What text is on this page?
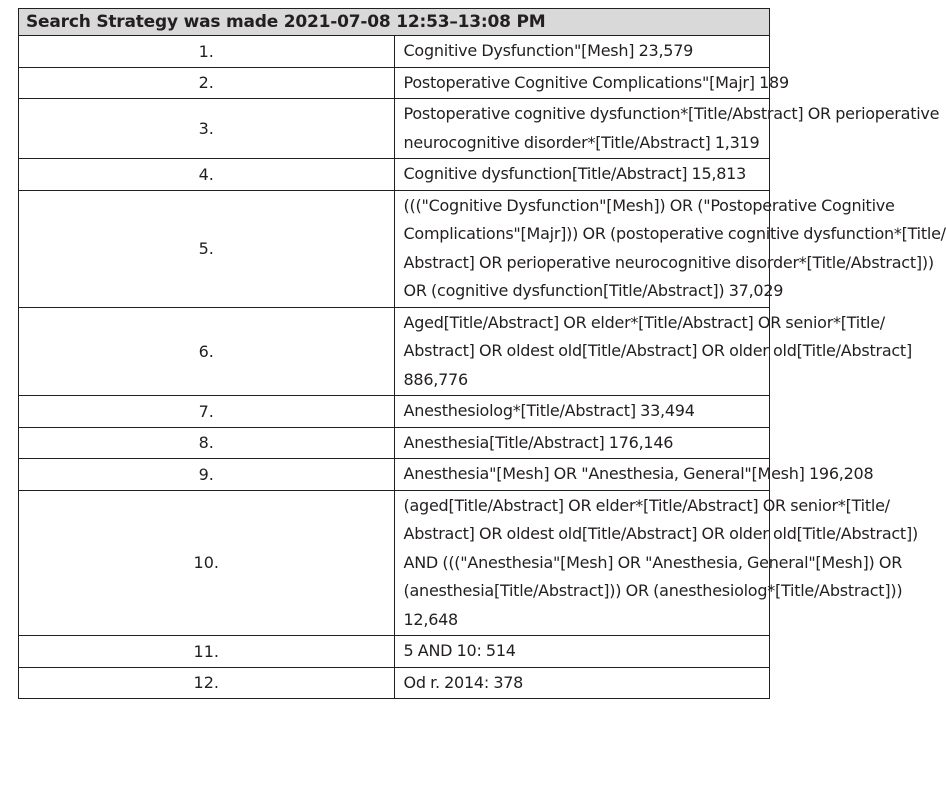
Search Strategy was made 2021-07-08 12:53–13:08 PM	
1.	Cognitive Dysfunction"[Mesh] 23,579

2.	Postoperative Cognitive Complications"[Majr] 189

3.	Postoperative cognitive dysfunction*[Title/Abstract] OR perioperative
neurocognitive disorder*[Title/Abstract] 1,319

4.	Cognitive dysfunction[Title/Abstract] 15,813

5.	((("Cognitive Dysfunction"[Mesh]) OR ("Postoperative Cognitive
Complications"[Majr])) OR (postoperative cognitive dysfunction*[Title/
Abstract] OR perioperative neurocognitive disorder*[Title/Abstract]))
OR (cognitive dysfunction[Title/Abstract]) 37,029

6.	Aged[Title/Abstract] OR elder*[Title/Abstract] OR senior*[Title/
Abstract] OR oldest old[Title/Abstract] OR older old[Title/Abstract]
886,776

7.	Anesthesiolog*[Title/Abstract] 33,494

8.	Anesthesia[Title/Abstract] 176,146

9.	Anesthesia"[Mesh] OR "Anesthesia, General"[Mesh] 196,208

10.	(aged[Title/Abstract] OR elder*[Title/Abstract] OR senior*[Title/
Abstract] OR oldest old[Title/Abstract] OR older old[Title/Abstract])
AND ((("Anesthesia"[Mesh] OR "Anesthesia, General"[Mesh]) OR
(anesthesia[Title/Abstract])) OR (anesthesiolog*[Title/Abstract]))
12,648

11.	5 AND 10: 514

12.	Od r. 2014: 378
